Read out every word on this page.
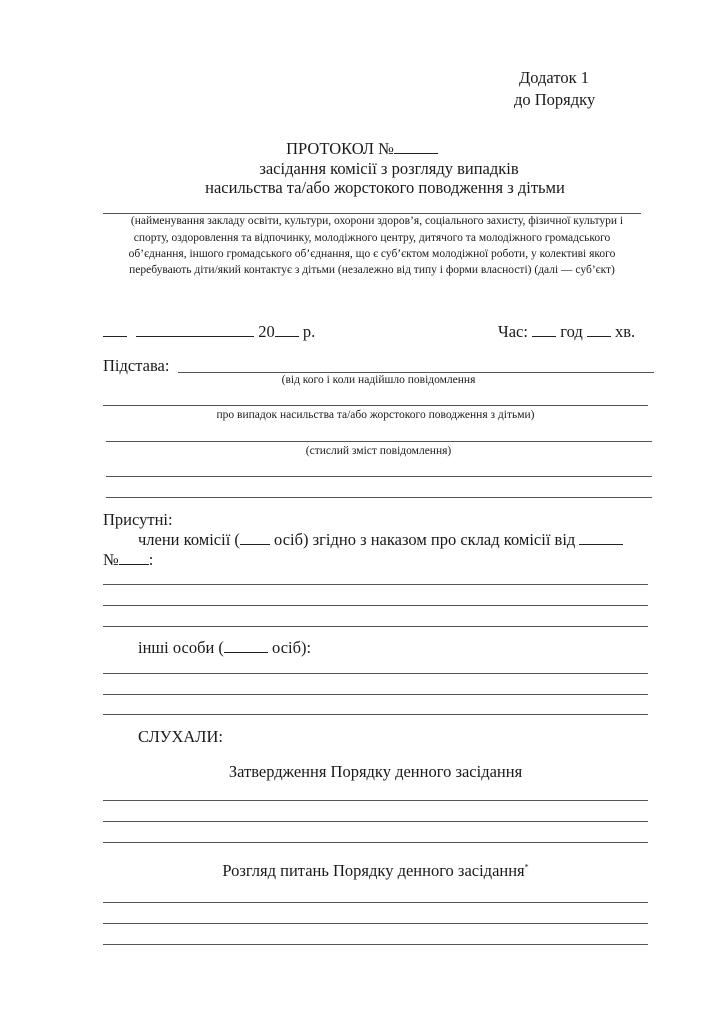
Додаток 1
до Порядку
ПРОТОКОЛ №
засідання комісії з розгляду випадків
насильства та/або жорстокого поводження з дітьми
(найменування закладу освіти, культури, охорони здоров’я, соціального захисту, фізичної культури і
спорту, оздоровлення та відпочинку, молодіжного центру, дитячого та молодіжного громадського
об’єднання, іншого громадського об’єднання, що є суб’єктом молодіжної роботи, у колективі якого
перебувають діти/який контактує з дітьми (незалежно від типу і форми власності) (далі — суб’єкт)
20 р.	Час: год хв.
Підстава:
(від кого і коли надійшло повідомлення
про випадок насильства та/або жорстокого поводження з дітьми)
(стислий зміст повідомлення)
Присутні:
члени комісії ( осіб) згідно з наказом про склад комісії від
№ :
інші особи (	осіб):
СЛУХАЛИ:
Затвердження Порядку денного засідання
Розгляд питань Порядку денного засідання*
